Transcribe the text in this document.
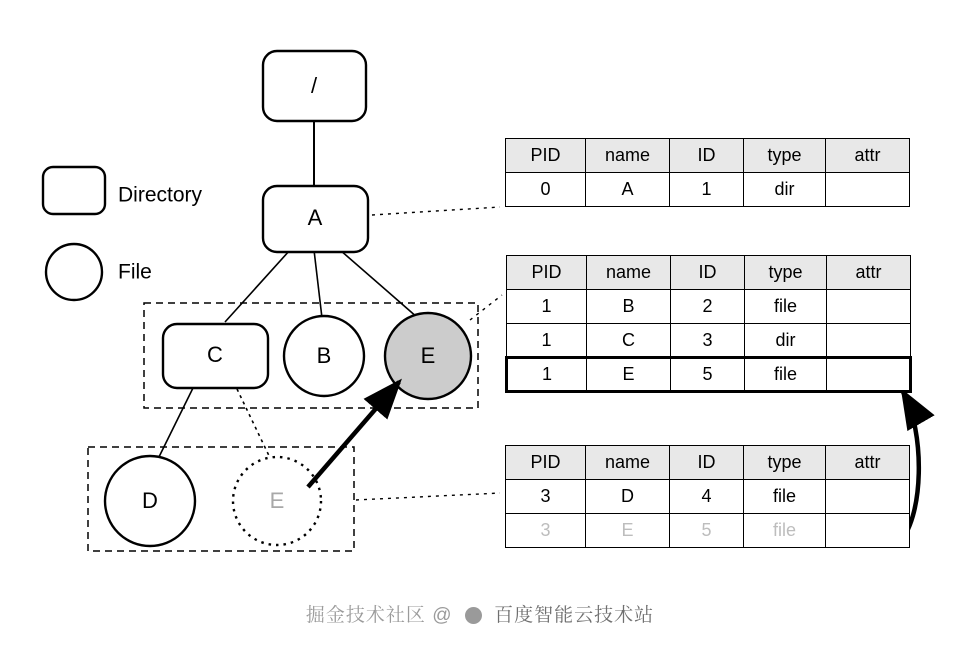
/
A
C	B	E
D	E
Directory
File
PID	name	ID	type	attr
0	A	1	dir	
PID	name	ID	type	attr
1	B	2	file	
1	C	3	dir	
1	E	5	file	
PID	name	ID	type	attr
3	D	4	file	
3	E	5	file	
掘金技术社区 @ 百度智能云技术站
